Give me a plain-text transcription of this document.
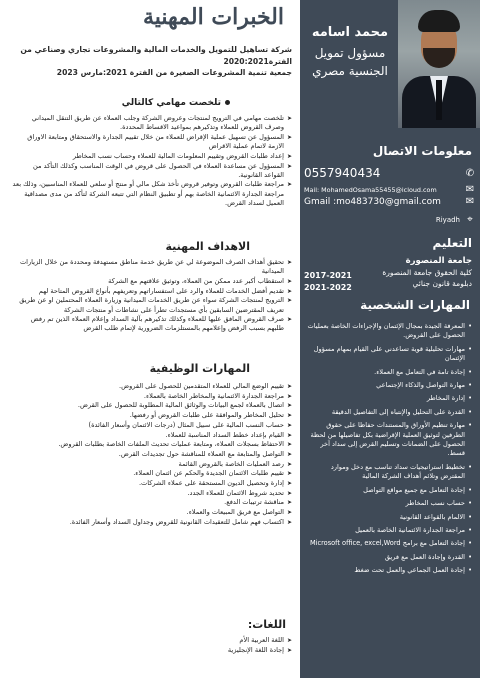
الخبرات المهنية
شركة تساهيل للتمويل والخدمات المالية والمشروعات تجاري وصناعي من الفترة2020:2021
جمعية تنمية المشروعات الصغيرة من الفترة 2021:مارس 2023
تلخصت مهامي كالتالي
➤ تلخصت مهامي في الترويج لمنتجات وعروض الشركة وجلب العملاء عن طريق التنقل الميداني وصرف القروض للعملاء وتذكيرهم بمواعيد الاقساط المحددة.
➤ المسؤول عن تسهيل عملية الإقراض للعملاء من خلال تقييم الجدارة والاستحقاق ومتابعة الاوراق الازمة لاتمام عملية الاقراض
➤ إعداد طلبات القروض وتقييم المعلومات المالية للعملاء وحساب نسب المخاطر
➤ المسؤول عن مساعدة العملاء في الحصول على قروض في الوقت المناسب وكذلك التأكد من القواعد القانونية.
➤ مراجعة طلبات القروض وتوفير قروض تأخذ شكل مالي أو منتج أو سلعي للعملاء المناسبين، وذلك بعد مراجعة الجدارة الائتمانية الخاصة بهم أو تطبيق النظام التي تتبعه الشركة لتأكد من مدى مصداقية العميل لسداد القرض.
الاهداف المهنية
➤ تحقيق أهداف الصرف الموضوعة لي عن طريق خدمة مناطق مستهدفة ومحددة من خلال الزيارات الميدانية
➤ استقطاب أكبر عدد ممكن من العملاء، وتوثيق علاقتهم مع الشركة
➤ تقديم أفضل الخدمات للعملاء والرد على استفساراتهم وتعريفهم بأنواع القروض المتاحة لهم
➤ الترويج لمنتجات الشركة سواء عن طريق الخدمات الميدانية وزيارة العملاء المحتملين او عن طريق تعريف المقترضين السابقين بأي مستجدات تطرأ على نشاطات أو منتجات الشركة
➤ صرف القروض المافق عليها للعملاء وكذلك تذكيرهم بآلية السداد وإعلام العملاء الذين تم رفض طلبهم بسبب الرفض وإعلامهم بالمستلزمات الضرورية لإتمام طلب القرض
المهارات الوظيفية
➤ تقييم الوضع المالي للعملاء المتقدمين للحصول على القروض.
➤ مراجعة الجدارة الائتمانية والمخاطر الخاصة بالعملاء.
➤ اتصال بالعملاء لجمع البيانات والوثائق المالية المطلوبة للحصول على القرض.
➤ تحليل المخاطر والموافقة على طلبات القروض أو رفضها.
➤ حساب النسب المالية على سبيل المثال (درجات الائتمان وأسعار الفائدة)
➤ القيام بإعداد خطط السداد المناسبة للعملاء.
➤ الاحتفاظ بسجلات العملاء، ومتابعة عمليات تحديث الملفات الخاصة بطلبات القروض.
➤ التواصل والمتابعة مع العملاء للمناقشة حول تجديدات القرض.
➤ رصد العمليات الخاصة بالقروض القائمة
➤ تقييم طلبات الائتمان الجديدة والحكم عن ائتمان العملاء.
➤ إدارة وتحصيل الديون المستحقة على عملاء الشركات.
➤ تحديد شروط الائتمان للعملاء الجدد.
➤ مناقشة ترتيبات الدفع.
➤ التواصل مع فريق المبيعات والعملاء.
➤ اكتساب فهم شامل للتعقيدات القانونية للقروض وجداول السداد وأسعار الفائدة.
اللغات:
➤ اللغة العربية الأم
➤ إجادة اللغة الإنجليزية
محمد اسامه
مسؤول تمويل
الجنسية مصري
معلومات الاتصال
0557940434	✆
Mail: MohamedOsama55455@icloud.com	✉
Gmail :mo483730@gmail.com ✉
Riyadh ⌖
التعليم
جامعة المنصورة
كلية الحقوق جامعة المنصورة
دبلومة قانون جنائي
2017-2021
2021-2022
المهارات الشخصية
• المعرفة الجيدة بمجال الإئتمان والإجراءات الخاصة بعمليات الحصول على القروض.
• مهارات تحليلية قوية تساعدني على القيام بمهام مسؤول الإئتمان
• إجادة تامة في التعامل مع العملاء.
• مهارة التواصل والذكاء الإجتماعي
• إدارة المخاطر
• القدرة على التحليل والإنتباه إلى التفاصيل الدقيقة
• مهارة تنظيم الأوراق والمستندات حفاظا على حقوق الطرفين لتوثيق العملية الإقراضية بكل تفاصيلها من لحظة الحصول على الضمانات وتسليم القرض إلى سداد آخر قسط.
• تخطيط استراتيجيات سداد تناسب مع دخل وموارد المقترض وتلائم أهداف الشركة المالية
• إجادة التعامل مع جميع مواقع التواصل
• حساب نسب المخاطر
• الالمام بالقواعد القانونية
• مراجعة الجدارة الائتمانية الخاصة بالعميل
• إجادة التعامل مع برامج Microsoft office, excel,Word
• القدرة وإجادة العمل مع فريق
• إجادة العمل الجماعي والعمل تحت ضغط
